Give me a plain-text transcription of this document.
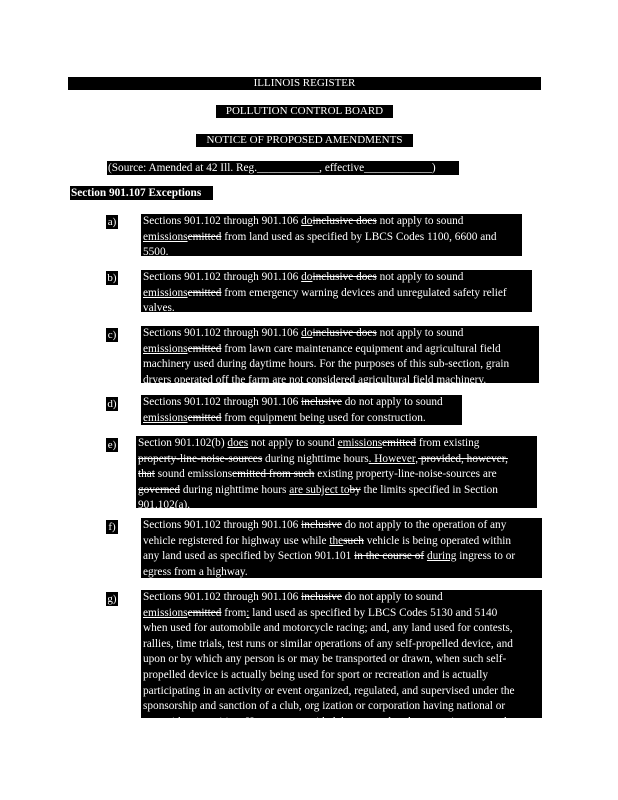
ILLINOIS REGISTER
POLLUTION CONTROL BOARD
NOTICE OF PROPOSED AMENDMENTS
(Source: Amended at 42 Ill. Reg.___________, effective____________)
Section 901.107 Exceptions
a) Sections 901.102 through 901.106 doinclusive does not apply to sound
emissionsemitted from land used as specified by LBCS Codes 1100, 6600 and
5500.
b) Sections 901.102 through 901.106 doinclusive does not apply to sound
emissionsemitted from emergency warning devices and unregulated safety relief
valves.
c) Sections 901.102 through 901.106 doinclusive does not apply to sound
emissionsemitted from lawn care maintenance equipment and agricultural field
machinery used during daytime hours. For the purposes of this sub-section, grain
dryers operated off the farm are not considered agricultural field machinery.
d) Sections 901.102 through 901.106 inclusive do not apply to sound
emissionsemitted from equipment being used for construction.
e) Section 901.102(b) does not apply to sound emissionsemitted from existing
property-line-noise-sources during nighttime hours. However, provided, however,
that sound emissionsemitted from such existing property-line-noise-sources are
governed during nighttime hours are subject toby the limits specified in Section
901.102(a).
f) Sections 901.102 through 901.106 inclusive do not apply to the operation of any
vehicle registered for highway use while thesuch vehicle is being operated within
any land used as specified by Section 901.101 in the course of during ingress to or
egress from a highway.
g) Sections 901.102 through 901.106 inclusive do not apply to sound
emissionsemitted from: land used as specified by LBCS Codes 5130 and 5140
when used for automobile and motorcycle racing; and, any land used for contests,
rallies, time trials, test runs or similar operations of any self-propelled device, and
upon or by which any person is or may be transported or drawn, when such self-
propelled device is actually being used for sport or recreation and is actually
participating in an activity or event organized, regulated, and supervised under the
sponsorship and sanction of a club, org ization or corporation having national or
statewide recognition. However,; provided, however, that the exceptions granted
